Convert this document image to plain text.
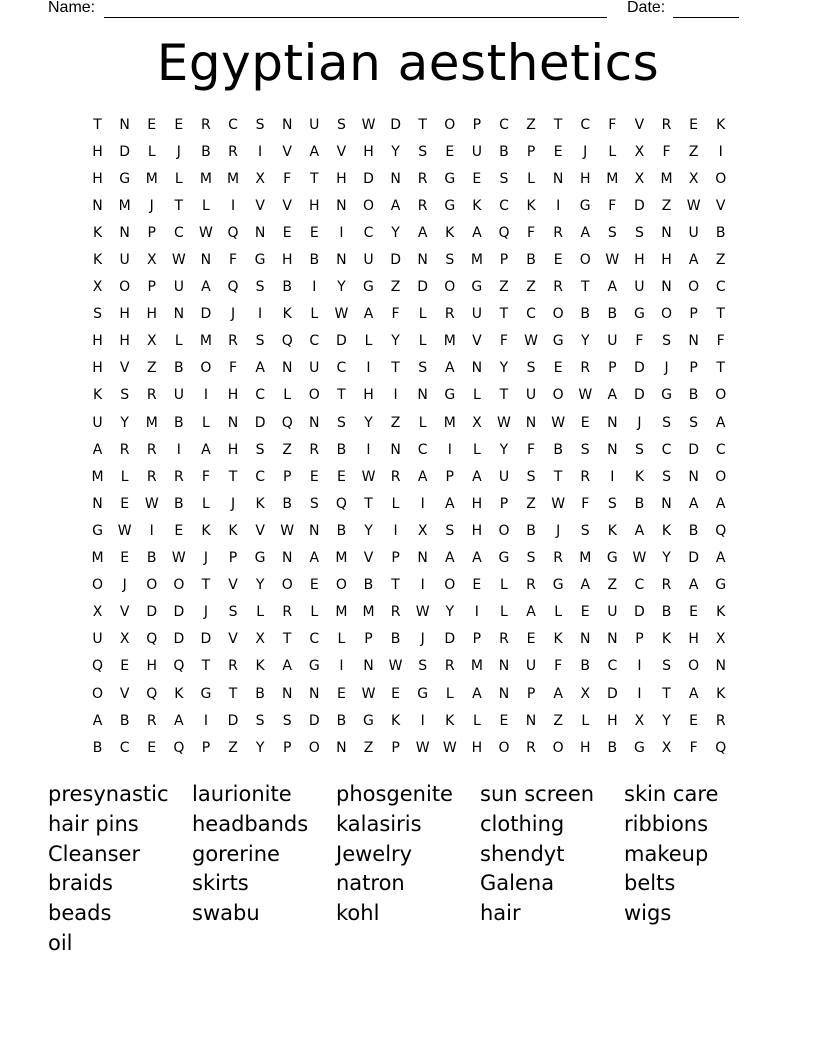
Name:	Date:
Egyptian aesthetics
T	N	E	E	R	C	S	N	U	S	W	D	T	O	P	C	Z	T	C	F	V	R	E	K
H	D	L	J	B	R	I	V	A	V	H	Y	S	E	U	B	P	E	J	L	X	F	Z	I
H	G	M	L	M	M	X	F	T	H	D	N	R	G	E	S	L	N	H	M	X	M	X	O
N	M	J	T	L	I	V	V	H	N	O	A	R	G	K	C	K	I	G	F	D	Z	W	V
K	N	P	C	W	Q	N	E	E	I	C	Y	A	K	A	Q	F	R	A	S	S	N	U	B
K	U	X	W	N	F	G	H	B	N	U	D	N	S	M	P	B	E	O	W	H	H	A	Z
X	O	P	U	A	Q	S	B	I	Y	G	Z	D	O	G	Z	Z	R	T	A	U	N	O	C
S	H	H	N	D	J	I	K	L	W	A	F	L	R	U	T	C	O	B	B	G	O	P	T
H	H	X	L	M	R	S	Q	C	D	L	Y	L	M	V	F	W	G	Y	U	F	S	N	F
H	V	Z	B	O	F	A	N	U	C	I	T	S	A	N	Y	S	E	R	P	D	J	P	T
K	S	R	U	I	H	C	L	O	T	H	I	N	G	L	T	U	O	W	A	D	G	B	O
U	Y	M	B	L	N	D	Q	N	S	Y	Z	L	M	X	W	N	W	E	N	J	S	S	A
A	R	R	I	A	H	S	Z	R	B	I	N	C	I	L	Y	F	B	S	N	S	C	D	C
M	L	R	R	F	T	C	P	E	E	W	R	A	P	A	U	S	T	R	I	K	S	N	O
N	E	W	B	L	J	K	B	S	Q	T	L	I	A	H	P	Z	W	F	S	B	N	A	A
G	W	I	E	K	K	V	W	N	B	Y	I	X	S	H	O	B	J	S	K	A	K	B	Q
M	E	B	W	J	P	G	N	A	M	V	P	N	A	A	G	S	R	M	G	W	Y	D	A
O	J	O	O	T	V	Y	O	E	O	B	T	I	O	E	L	R	G	A	Z	C	R	A	G
X	V	D	D	J	S	L	R	L	M	M	R	W	Y	I	L	A	L	E	U	D	B	E	K
U	X	Q	D	D	V	X	T	C	L	P	B	J	D	P	R	E	K	N	N	P	K	H	X
Q	E	H	Q	T	R	K	A	G	I	N	W	S	R	M	N	U	F	B	C	I	S	O	N
O	V	Q	K	G	T	B	N	N	E	W	E	G	L	A	N	P	A	X	D	I	T	A	K
A	B	R	A	I	D	S	S	D	B	G	K	I	K	L	E	N	Z	L	H	X	Y	E	R
B	C	E	Q	P	Z	Y	P	O	N	Z	P	W W	H	O	R	O	H	B	G	X	F	Q
presynastic	laurionite	phosgenite	sun screen	skin care
hair pins	headbands	kalasiris	clothing	ribbions
Cleanser	gorerine	Jewelry	shendyt	makeup
braids	skirts	natron	Galena	belts
beads	swabu	kohl	hair	wigs
oil
